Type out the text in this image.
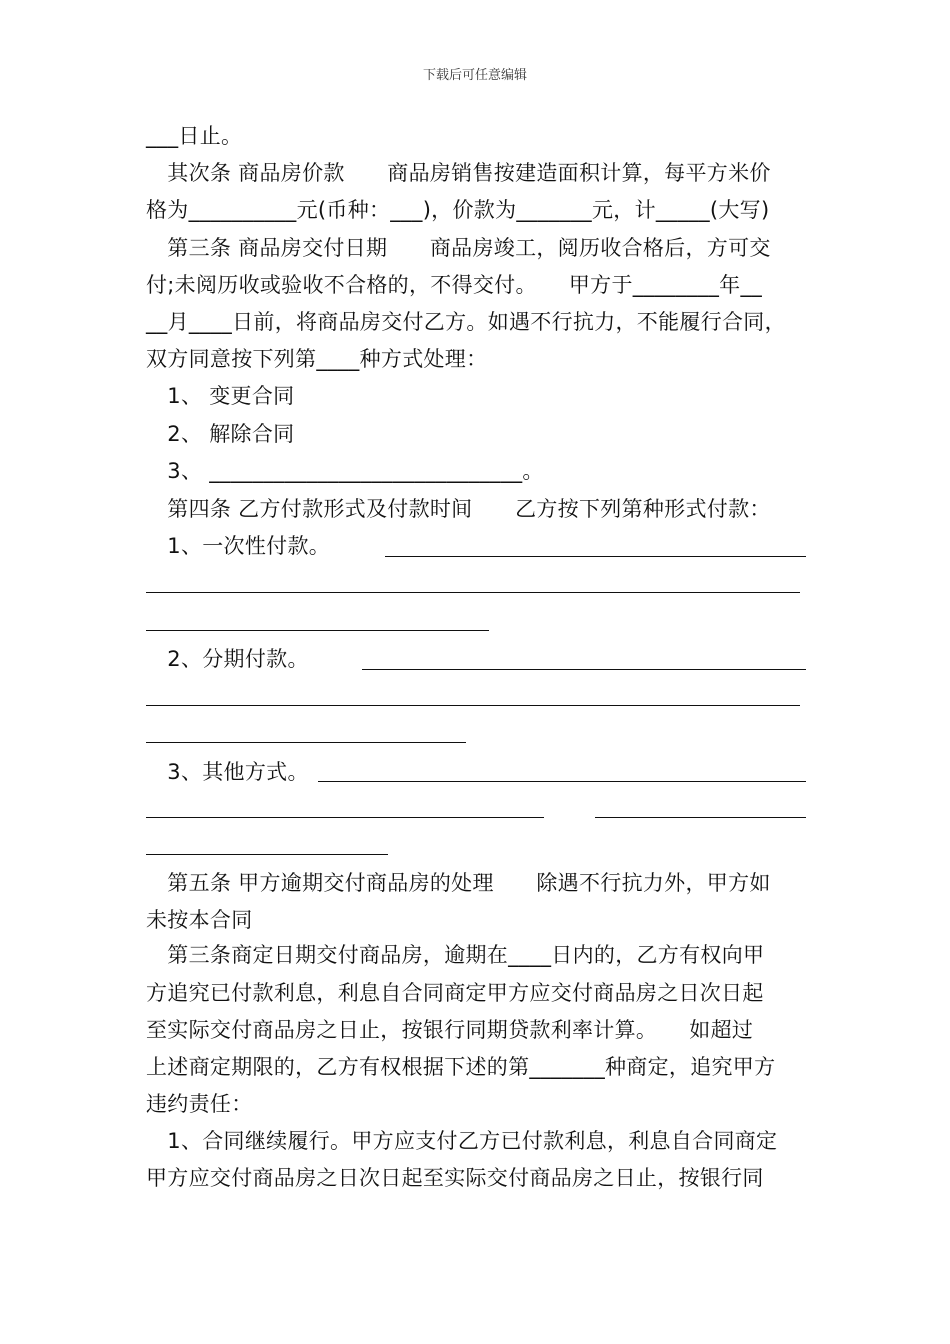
下载后可任意编辑
___日止。
　其次条 商品房价款　　商品房销售按建造面积计算，每平方米价
格为__________元(币种：___)，价款为_______元，计_____(大写)
　第三条 商品房交付日期　　商品房竣工，阅历收合格后，方可交
付;未阅历收或验收不合格的，不得交付。　　甲方于________年__
__月____日前，将商品房交付乙方。如遇不行抗力，不能履行合同，
双方同意按下列第____种方式处理：
　1、 变更合同
　2、 解除合同
　3、 _____________________________。
　第四条 乙方付款形式及付款时间　　乙方按下列第种形式付款：
　1、一次性付款。
　2、分期付款。
　3、其他方式。
　第五条 甲方逾期交付商品房的处理　　除遇不行抗力外，甲方如
未按本合同
　第三条商定日期交付商品房，逾期在____日内的，乙方有权向甲
方追究已付款利息，利息自合同商定甲方应交付商品房之日次日起
至实际交付商品房之日止，按银行同期贷款利率计算。　　如超过
上述商定期限的，乙方有权根据下述的第_______种商定，追究甲方
违约责任：
　1、合同继续履行。甲方应支付乙方已付款利息，利息自合同商定
甲方应交付商品房之日次日起至实际交付商品房之日止，按银行同
